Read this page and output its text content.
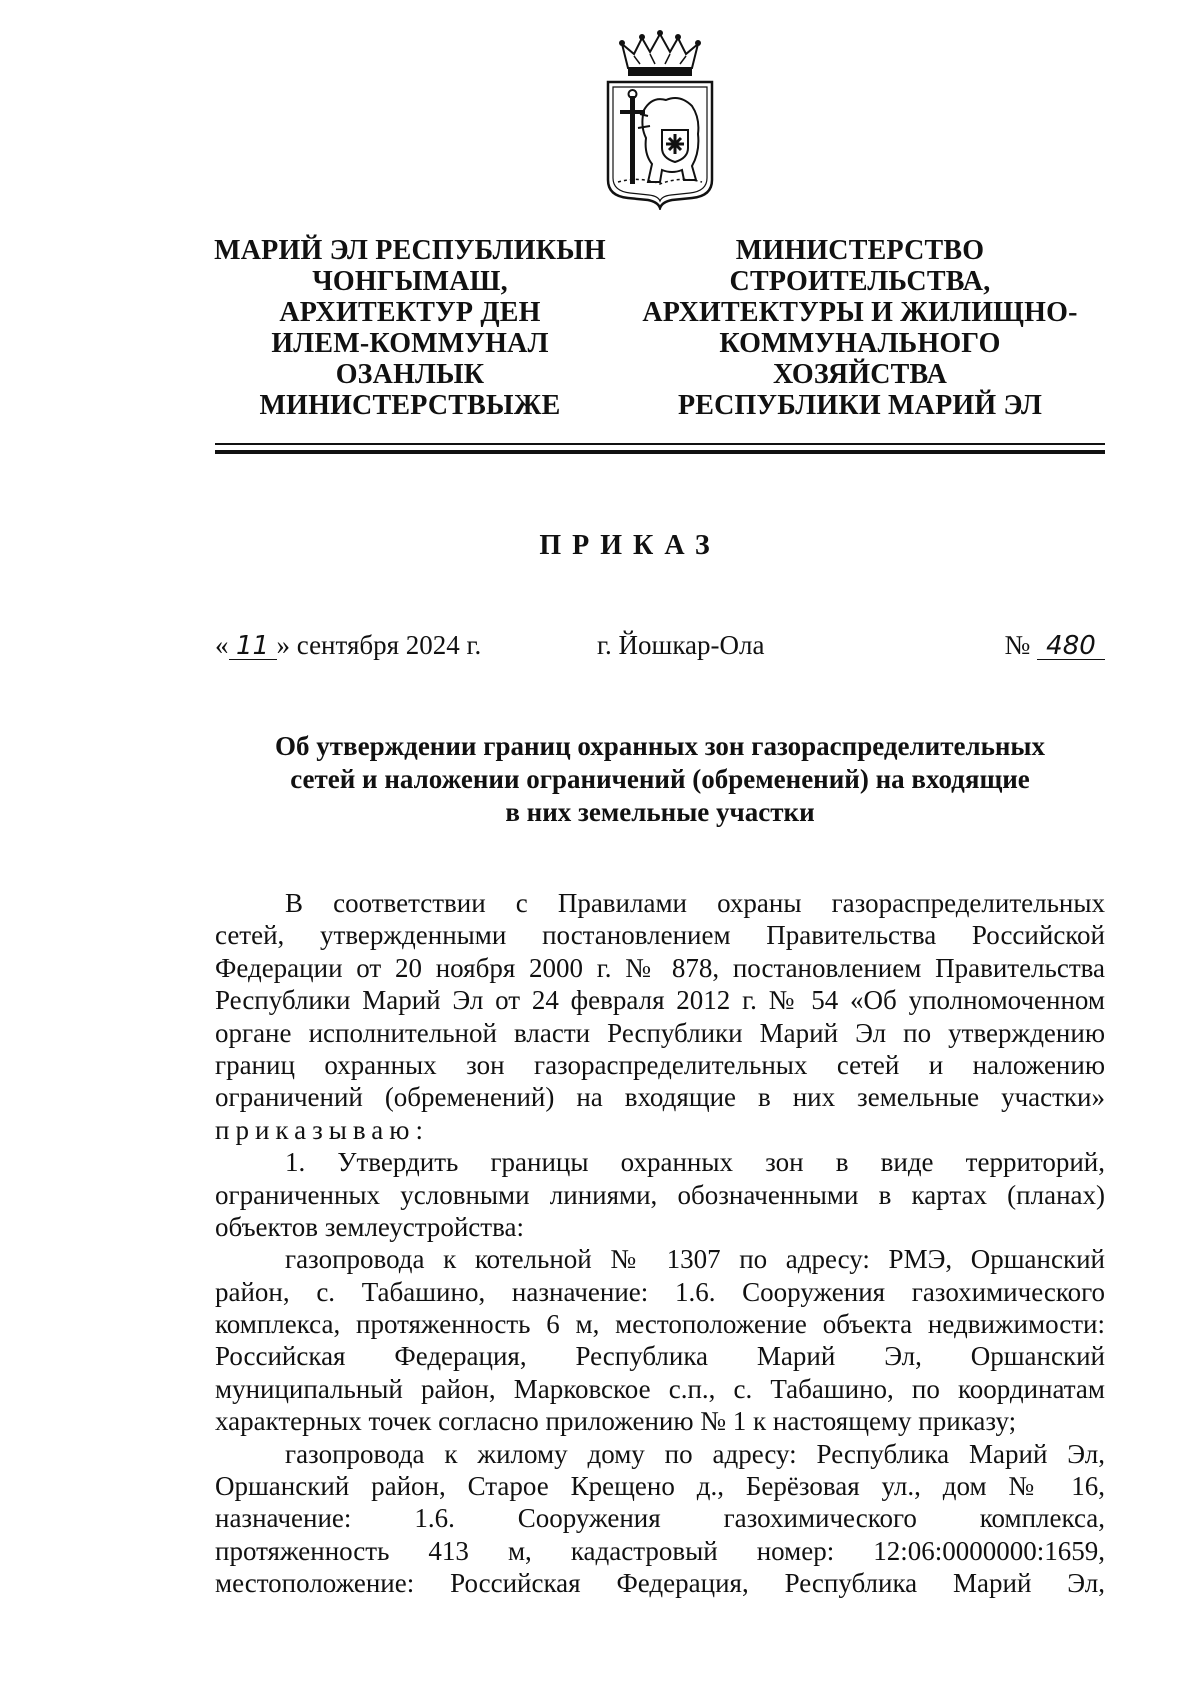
МАРИЙ ЭЛ РЕСПУБЛИКЫН
ЧОНГЫМАШ,
АРХИТЕКТУР ДЕН
ИЛЕМ-КОММУНАЛ
ОЗАНЛЫК
МИНИСТЕРСТВЫЖЕ
МИНИСТЕРСТВО
СТРОИТЕЛЬСТВА,
АРХИТЕКТУРЫ И ЖИЛИЩНО-
КОММУНАЛЬНОГО
ХОЗЯЙСТВА
РЕСПУБЛИКИ МАРИЙ ЭЛ
ПРИКАЗ
« 11 » сентября 2024 г.	г. Йошкар-Ола	№ 480
Об утверждении границ охранных зон газораспределительных
сетей и наложении ограничений (обременений) на входящие
в них земельные участки
В соответствии с Правилами охраны газораспределительных
сетей, утвержденными постановлением Правительства Российской
Федерации от 20 ноября 2000 г. № 878, постановлением Правительства
Республики Марий Эл от 24 февраля 2012 г. № 54 «Об уполномоченном
органе исполнительной власти Республики Марий Эл по утверждению
границ охранных зон газораспределительных сетей и наложению
ограничений (обременений) на входящие в них земельные участки»
приказываю:
1. Утвердить границы охранных зон в виде территорий,
ограниченных условными линиями, обозначенными в картах (планах)
объектов землеустройства:
газопровода к котельной № 1307 по адресу: РМЭ, Оршанский
район, с. Табашино, назначение: 1.6. Сооружения газохимического
комплекса, протяженность 6 м, местоположение объекта недвижимости:
Российская Федерация, Республика Марий Эл, Оршанский
муниципальный район, Марковское с.п., с. Табашино, по координатам
характерных точек согласно приложению № 1 к настоящему приказу;
газопровода к жилому дому по адресу: Республика Марий Эл,
Оршанский район, Старое Крещено д., Берёзовая ул., дом № 16,
назначение: 1.6. Сооружения газохимического комплекса,
протяженность 413 м, кадастровый номер: 12:06:0000000:1659,
местоположение: Российская Федерация, Республика Марий Эл,
